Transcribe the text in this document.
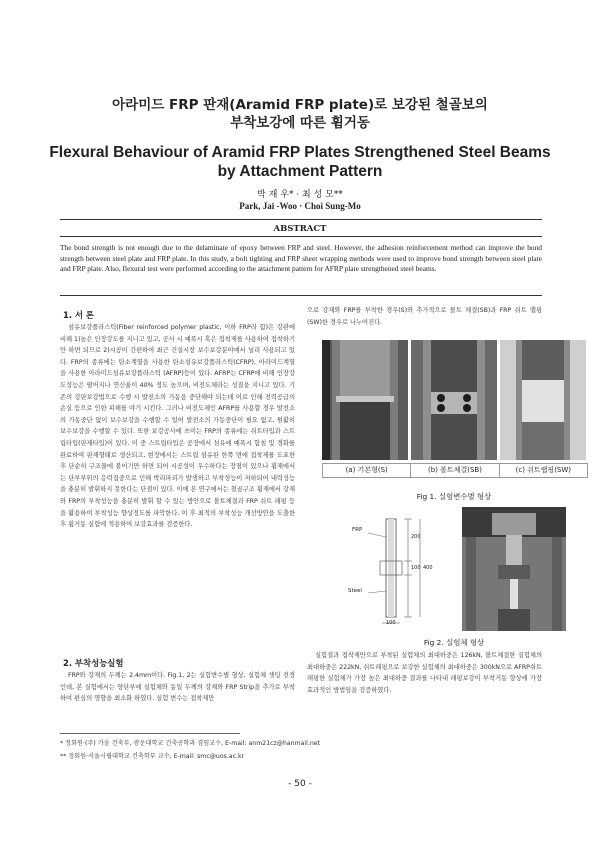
아라미드 FRP 판재(Aramid FRP plate)로 보강된 철골보의
부착보강에 따른 휨거동
Flexural Behaviour of Aramid FRP Plates Strengthened Steel Beams
by Attachment Pattern
박 재 우* · 최 성 모**
Park, Jai -Woo · Choi Sung-Mo
ABSTRACT
The bond strength is not enough due to the delaminate of epoxy between FRP and steel. However, the adhesion reinforcement method can improve the bond strength between steel plate and FRP plate. In this study, a bolt tighting and FRP sheet wrapping methods were used to improve bond strength between steel plate and FRP plate. Also, flexural test were performed according to the attachment pattern for AFRP plate strengthened steel beams.
1. 서 론

섬유보강플라스틱(Fiber reinforced polymer plastic, 이하 FRP라 함)은 강관에 비해 1)높은 인장강도를 지니고 있고, 공사 시 예폭시 혹은 접착제를 사용하여 접착하기만 하면 되므로 2)시공이 간편하여 최근 건설시장 보수보강분야에서 널리 사용되고 있다. FRP의 종류에는 탄소계열을 사용한 탄소섬유보강플라스틱(CFRP), 아라미드계열을 사용한 아라미드섬유보강플라스틱 (AFRP)등이 있다. AFRP는 CFRP에 비해 인장강도성능은 떨어지나 연신율이 40% 정도 높으며, 비전도체라는 성질을 지니고 있다. 기존의 강판보강법으로 수행 시 발전소의 가동을 중단해야 되는데 이로 인해 전력공급의 손실 등으로 인한 피해를 야기 시킨다. 그러나 비전도체인 AFRP를 사용할 경우 발전소의 가동중단 없이 보수보강을 수행할 수 있어 발전소의 가동중단이 필요 없고, 원활히 보수보강을 수행할 수 있다. 또한 보강공사에 쓰이는 FRP의 종류에는 쉬트타입과 스트립타입(판재타입)이 있다. 이 중 스트립타입은 공장에서 섬유에 예폭시 함침 및 경화를 완료하여 판재형태로 생산되고, 현장에서는 스트립 섬유판 한쪽 면에 접착제를 도포한 후 단순히 구조물에 붙이기만 하면 되어 시공성이 우수하다는 장점이 있으나 휨재에서는 단부부위의 응력집중으로 인해 박리파괴가 발생하고 부착성능이 저하되어 내력성능을 충분히 발휘하지 못한다는 단점이 있다. 이에 본 연구에서는 철골구조 휨재에서 강재와 FRP의 부착성능을 충분히 발휘 할 수 있는 방안으로 볼트체결과 FRP 쉬트 래핑 등을 활용하여 부착성능 향상정도를 파악한다. 이 후 최적의 부착성능 개선방안을 도출한 후 휨거동 실험에 적용하여 보강효과를 검증한다.

2. 부착성능실험

FRP와 강재의 두께는 2.4mm이다. Fig.1, 2는 실험변수별 형상, 실험체 셋팅 전경인데, 본 실험에서는 양단부에 실험체와 동일 두께의 강재와 FRP Strip을 추가로 부착하여 편심의 영향을 최소화 하였다. 실험 변수는 접착제만

으로 강재와 FRP를 부착한 경우(S)와 추가적으로 볼트 체결(SB)과 FRP 쉬트 랩핑(SW)한 경우로 나누어진다.

(a) 기본형(S)	(b) 볼트체결(SB)	(c) 쉬트랩핑(SW)
Fig 1. 실험변수별 형상
FRP
Steel
200
100 400
100
Fig 2. 실험체 형상

실험결과 접착제만으로 부착된 실험체의 최대하중은 126kN, 볼트체결한 실험체의 최대하중은 222kN, 쉬트래핑으로 보강한 실험체의 최대하중은 300kN으로 AFRP쉬트 래핑한 실험체가 가장 높은 최대하중 결과를 나타내 래핑보강이 부착거동 향상에 가장 효과적인 방법임을 검증하였다.

* 정회원·(주) 가윤 건축부, 광운대학교 건축공학과 겸임교수, E-mail: anm21cz@hanmail.net
** 정회원·서울시립대학교 건축학부 교수, E-mail: smc@uos.ac.kr
- 50 -
